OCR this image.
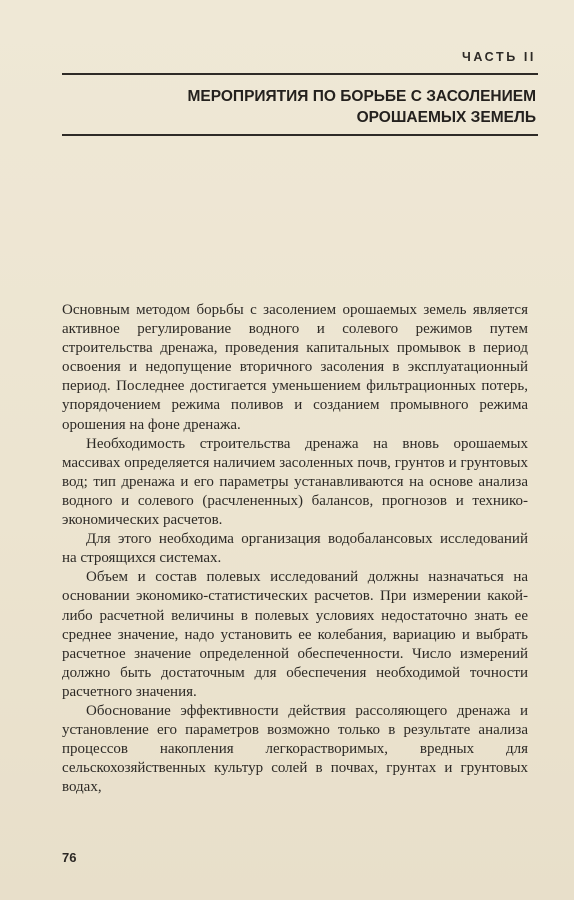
ЧАСТЬ II
МЕРОПРИЯТИЯ ПО БОРЬБЕ С ЗАСОЛЕНИЕМ
ОРОШАЕМЫХ ЗЕМЕЛЬ

Основным методом борьбы с засолением орошаемых земель является активное регулирование водного и солевого режимов путем строительства дренажа, проведения капитальных промывок в период освоения и недопущение вторичного засоления в эксплуатационный период. Последнее достигается уменьшением фильтрационных потерь, упорядочением режима поливов и созданием промывного режима орошения на фоне дренажа.

Необходимость строительства дренажа на вновь орошаемых массивах определяется наличием засоленных почв, грунтов и грунтовых вод; тип дренажа и его параметры устанавливаются на основе анализа водного и солевого (расчлененных) балансов, прогнозов и технико-экономических расчетов.

Для этого необходима организация водобалансовых исследований на строящихся системах.

Объем и состав полевых исследований должны назначаться на основании экономико-статистических расчетов. При измерении какой-либо расчетной величины в полевых условиях недостаточно знать ее среднее значение, надо установить ее колебания, вариацию и выбрать расчетное значение определенной обеспеченности. Число измерений должно быть достаточным для обеспечения необходимой точности расчетного значения.

Обоснование эффективности действия рассоляющего дренажа и установление его параметров возможно только в результате анализа процессов накопления легкорастворимых, вредных для сельскохозяйственных культур солей в почвах, грунтах и грунтовых водах,

76
